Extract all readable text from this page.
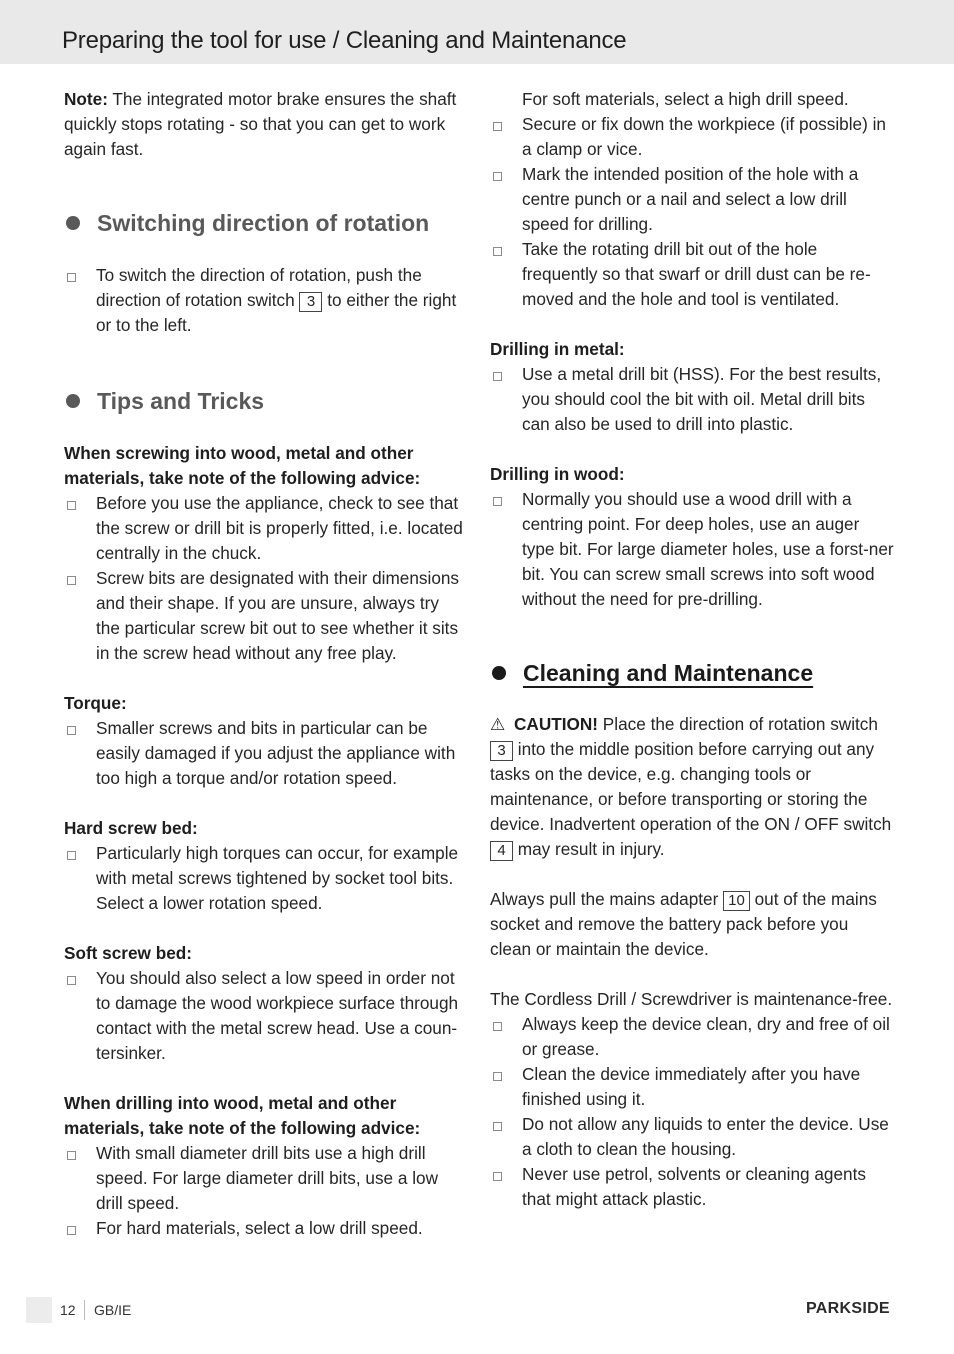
Preparing the tool for use / Cleaning and Maintenance

Note: The integrated motor brake ensures the shaft quickly stops rotating - so that you can get to work again fast.

Switching direction of rotation
To switch the direction of rotation, push the direction of rotation switch 3 to either the right or to the left.
Tips and Tricks

When screwing into wood, metal and other materials, take note of the following advice:

Before you use the appliance, check to see that the screw or drill bit is properly fitted, i.e. located centrally in the chuck.
Screw bits are designated with their dimensions and their shape. If you are unsure, always try the particular screw bit out to see whether it sits in the screw head without any free play.

Torque:

Smaller screws and bits in particular can be easily damaged if you adjust the appliance with too high a torque and/or rotation speed.

Hard screw bed:

Particularly high torques can occur, for example with metal screws tightened by socket tool bits. Select a lower rotation speed.

Soft screw bed:

You should also select a low speed in order not to damage the wood workpiece surface through contact with the metal screw head. Use a coun-tersinker.

When drilling into wood, metal and other materials, take note of the following advice:

With small diameter drill bits use a high drill speed. For large diameter drill bits, use a low drill speed.
For hard materials, select a low drill speed.

For soft materials, select a high drill speed.

Secure or fix down the workpiece (if possible) in a clamp or vice.
Mark the intended position of the hole with a centre punch or a nail and select a low drill speed for drilling.
Take the rotating drill bit out of the hole frequently so that swarf or drill dust can be re-moved and the hole and tool is ventilated.

Drilling in metal:

Use a metal drill bit (HSS). For the best results, you should cool the bit with oil. Metal drill bits can also be used to drill into plastic.

Drilling in wood:

Normally you should use a wood drill with a centring point. For deep holes, use an auger type bit. For large diameter holes, use a forst-ner bit. You can screw small screws into soft wood without the need for pre-drilling.
Cleaning and Maintenance

⚠ CAUTION! Place the direction of rotation switch 3 into the middle position before carrying out any tasks on the device, e.g. changing tools or maintenance, or before transporting or storing the device. Inadvertent operation of the ON / OFF switch 4 may result in injury.

Always pull the mains adapter 10 out of the mains socket and remove the battery pack before you clean or maintain the device.

The Cordless Drill / Screwdriver is maintenance-free.

Always keep the device clean, dry and free of oil or grease.
Clean the device immediately after you have finished using it.
Do not allow any liquids to enter the device. Use a cloth to clean the housing.
Never use petrol, solvents or cleaning agents that might attack plastic.
12	GB/IE	PARKSIDE
